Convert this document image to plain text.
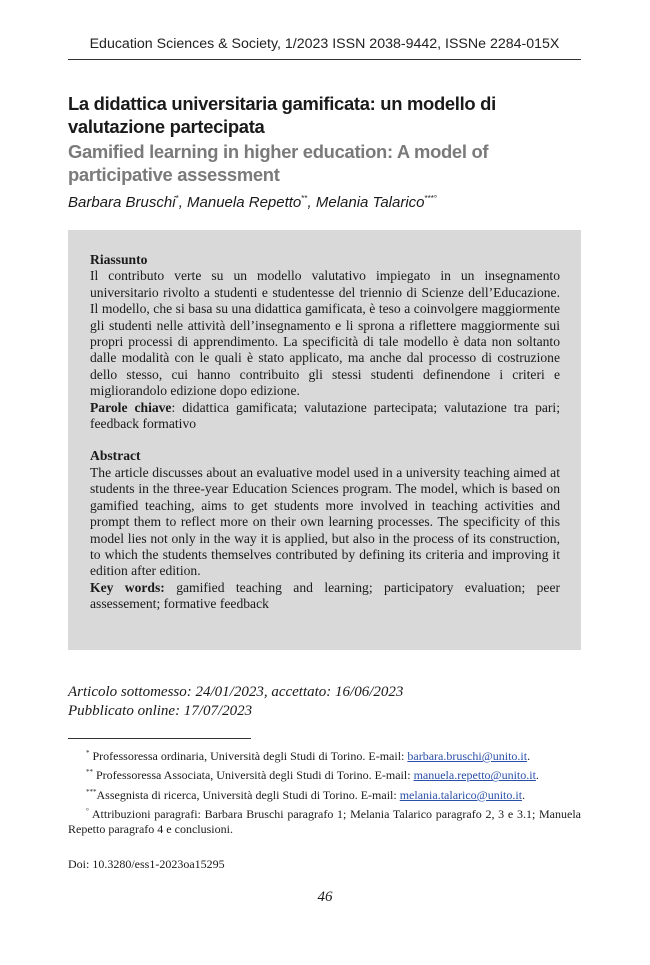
Education Sciences & Society, 1/2023 ISSN 2038-9442, ISSNe 2284-015X
La didattica universitaria gamificata: un modello di valutazione partecipata
Gamified learning in higher education: A model of participative assessment
Barbara Bruschi*, Manuela Repetto**, Melania Talarico***°

Riassunto

Il contributo verte su un modello valutativo impiegato in un insegnamento universitario rivolto a studenti e studentesse del triennio di Scienze dell’Educazione. Il modello, che si basa su una didattica gamificata, è teso a coinvolgere maggiormente gli studenti nelle attività dell’insegnamento e li sprona a riflettere maggiormente sui propri processi di apprendimento. La specificità di tale modello è data non soltanto dalle modalità con le quali è stato applicato, ma anche dal processo di costruzione dello stesso, cui hanno contribuito gli stessi studenti definendone i criteri e migliorandolo edizione dopo edizione.

Parole chiave: didattica gamificata; valutazione partecipata; valutazione tra pari; feedback formativo

Abstract

The article discusses about an evaluative model used in a university teaching aimed at students in the three-year Education Sciences program. The model, which is based on gamified teaching, aims to get students more involved in teaching activities and prompt them to reflect more on their own learning processes. The specificity of this model lies not only in the way it is applied, but also in the process of its construction, to which the students themselves contributed by defining its criteria and improving it edition after edition.

Key words: gamified teaching and learning; participatory evaluation; peer assessement; formative feedback

Articolo sottomesso: 24/01/2023, accettato: 16/06/2023
Pubblicato online: 17/07/2023

* Professoressa ordinaria, Università degli Studi di Torino. E-mail: barbara.bruschi@unito.it.

** Professoressa Associata, Università degli Studi di Torino. E-mail: manuela.repetto@unito.it.

***Assegnista di ricerca, Università degli Studi di Torino. E-mail: melania.talarico@unito.it.

° Attribuzioni paragrafi: Barbara Bruschi paragrafo 1; Melania Talarico paragrafo 2, 3 e 3.1; Manuela Repetto paragrafo 4 e conclusioni.

Doi: 10.3280/ess1-2023oa15295
46
